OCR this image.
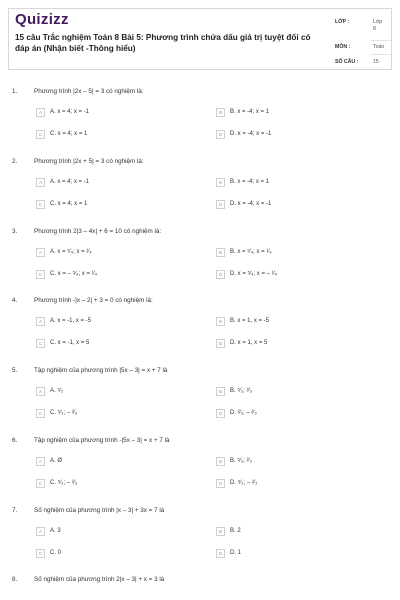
Quizizz
15 câu Trắc nghiệm Toán 8 Bài 5: Phương trình chứa dấu giá trị tuyệt đối có đáp án (Nhận biết -Thông hiểu)
LỚP :	Lớp 8
MÔN :	Toán
SỐ CÂU :	15
1.	Phương trình |2x – 5| = 3 có nghiệm là:
A	A. x = 4; x = -1	B	B. x = -4; x = 1
C	C. x = 4; x = 1	D	D. x = -4; x = -1
2.	Phương trình |2x + 5| = 3 có nghiệm là:
A	A. x = 4; x = -1	B	B. x = -4; x = 1
C	C. x = 4; x = 1	D	D. x = -4; x = -1
3.	Phương trình 2|3 – 4x| + 6 = 10 có nghiệm là:
A	A. x = ⁵⁄₄; x = ¹⁄₄	B	B. x = ⁵⁄₄; x = ¹⁄₄
C	C. x = – ⁵⁄₄; x = ¹⁄₄	D	D. x = ⁵⁄₄; x = – ¹⁄₄
4.	Phương trình -|x – 2| + 3 = 0 có nghiệm là:
A	A. x = -1, x = -5	B	B. x = 1, x = -5
C	C. x = -1, x = 5	D	D. x = 1, x = 5
5.	Tập nghiệm của phương trình |5x – 3| = x + 7 là
A	A. ⁵⁄₂	B	B. ⁵⁄₂; ²⁄₃
C	C. ⁵⁄₂; – ²⁄₃	D	D. ²⁄₅; – ²⁄₃
6.	Tập nghiệm của phương trình -|5x – 3| = x + 7 là
A	A. Ø	B	B. ⁵⁄₂; ²⁄₃
C	C. ⁵⁄₂; – ²⁄₃	D	D. ⁵⁄₂; – ²⁄₃
7.	Số nghiệm của phương trình |x – 3| + 3x = 7 là
A	A. 3	B	B. 2
C	C. 0	D	D. 1
8.	Số nghiệm của phương trình 2|x – 3| + x = 3 là
